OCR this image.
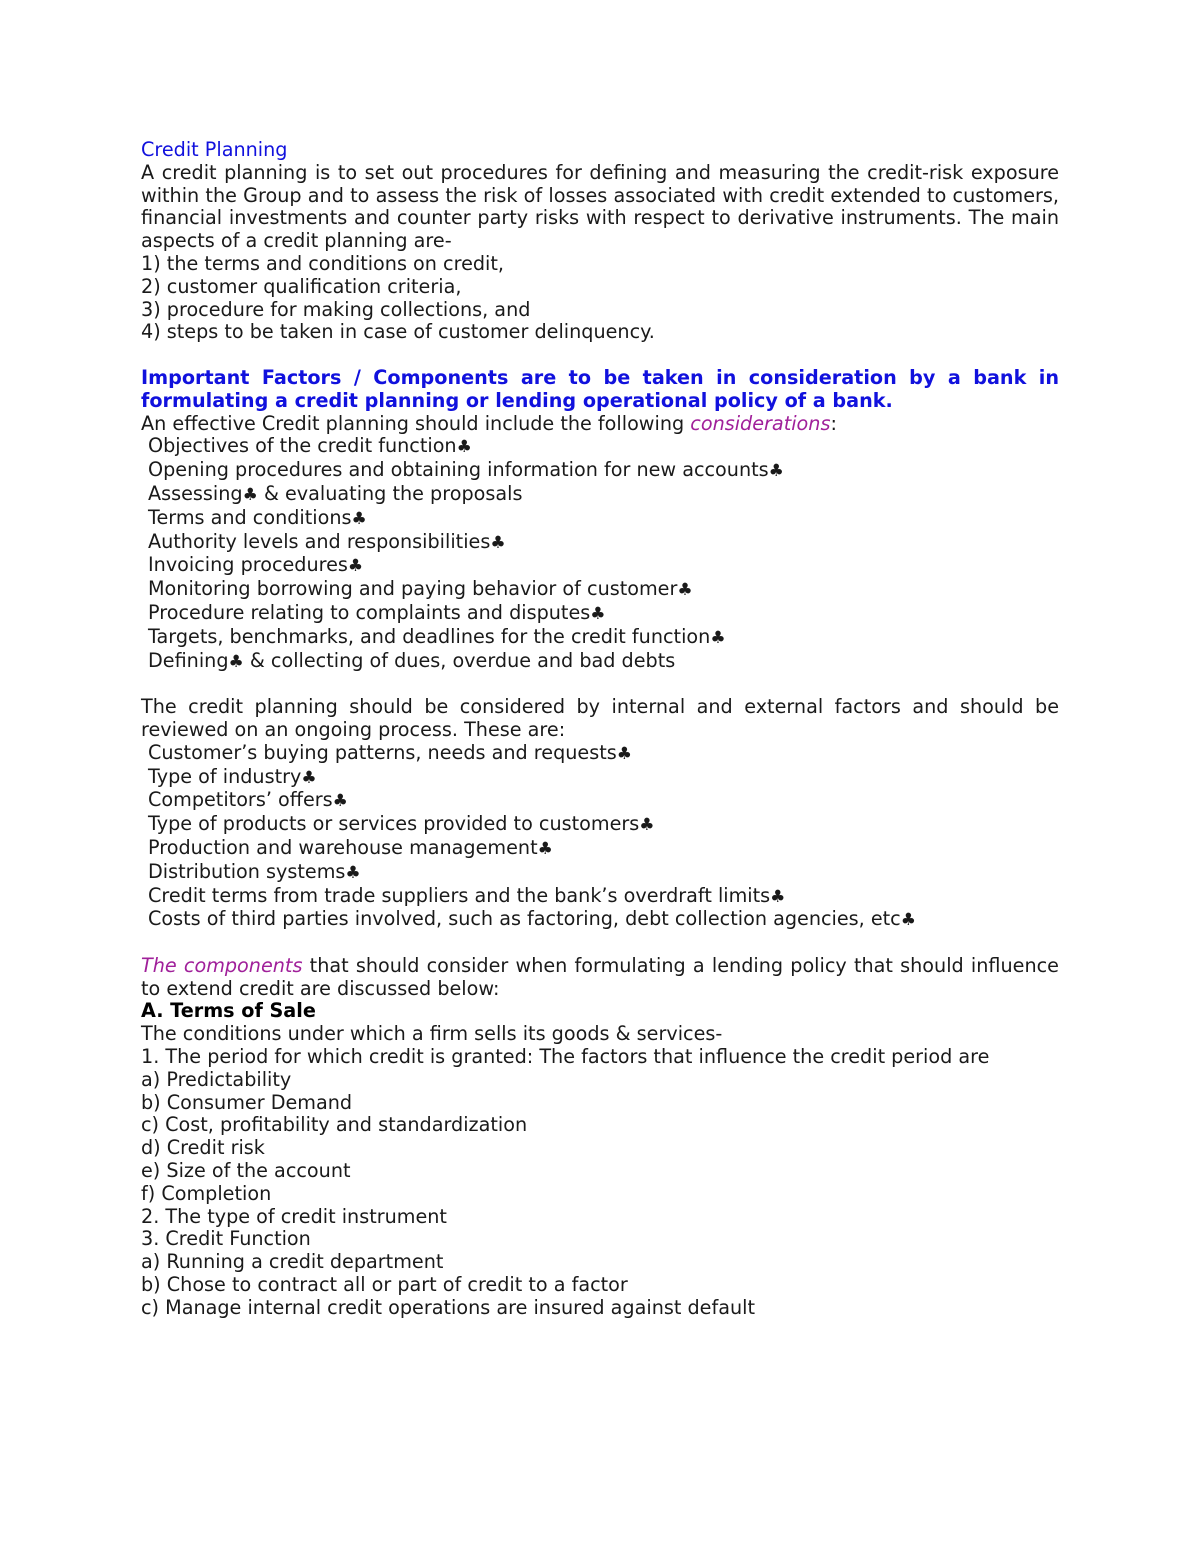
Credit Planning
A credit planning is to set out procedures for defining and measuring the credit-risk exposure within the Group and to assess the risk of losses associated with credit extended to customers, financial investments and counter party risks with respect to derivative instruments. The main aspects of a credit planning are-
1) the terms and conditions on credit,
2) customer qualification criteria,
3) procedure for making collections, and
4) steps to be taken in case of customer delinquency.
Important Factors / Components are to be taken in consideration by a bank in formulating a credit planning or lending operational policy of a bank.
An effective Credit planning should include the following considerations:
Objectives of the credit function♣
Opening procedures and obtaining information for new accounts♣
Assessing♣ & evaluating the proposals
Terms and conditions♣
Authority levels and responsibilities♣
Invoicing procedures♣
Monitoring borrowing and paying behavior of customer♣
Procedure relating to complaints and disputes♣
Targets, benchmarks, and deadlines for the credit function♣
Defining♣ & collecting of dues, overdue and bad debts
The credit planning should be considered by internal and external factors and should be reviewed on an ongoing process. These are:
Customer’s buying patterns, needs and requests♣
Type of industry♣
Competitors’ offers♣
Type of products or services provided to customers♣
Production and warehouse management♣
Distribution systems♣
Credit terms from trade suppliers and the bank’s overdraft limits♣
Costs of third parties involved, such as factoring, debt collection agencies, etc♣
The components that should consider when formulating a lending policy that should influence to extend credit are discussed below:
A. Terms of Sale
The conditions under which a firm sells its goods & services-
1. The period for which credit is granted: The factors that influence the credit period are
a) Predictability
b) Consumer Demand
c) Cost, profitability and standardization
d) Credit risk
e) Size of the account
f) Completion
2. The type of credit instrument
3. Credit Function
a) Running a credit department
b) Chose to contract all or part of credit to a factor
c) Manage internal credit operations are insured against default
